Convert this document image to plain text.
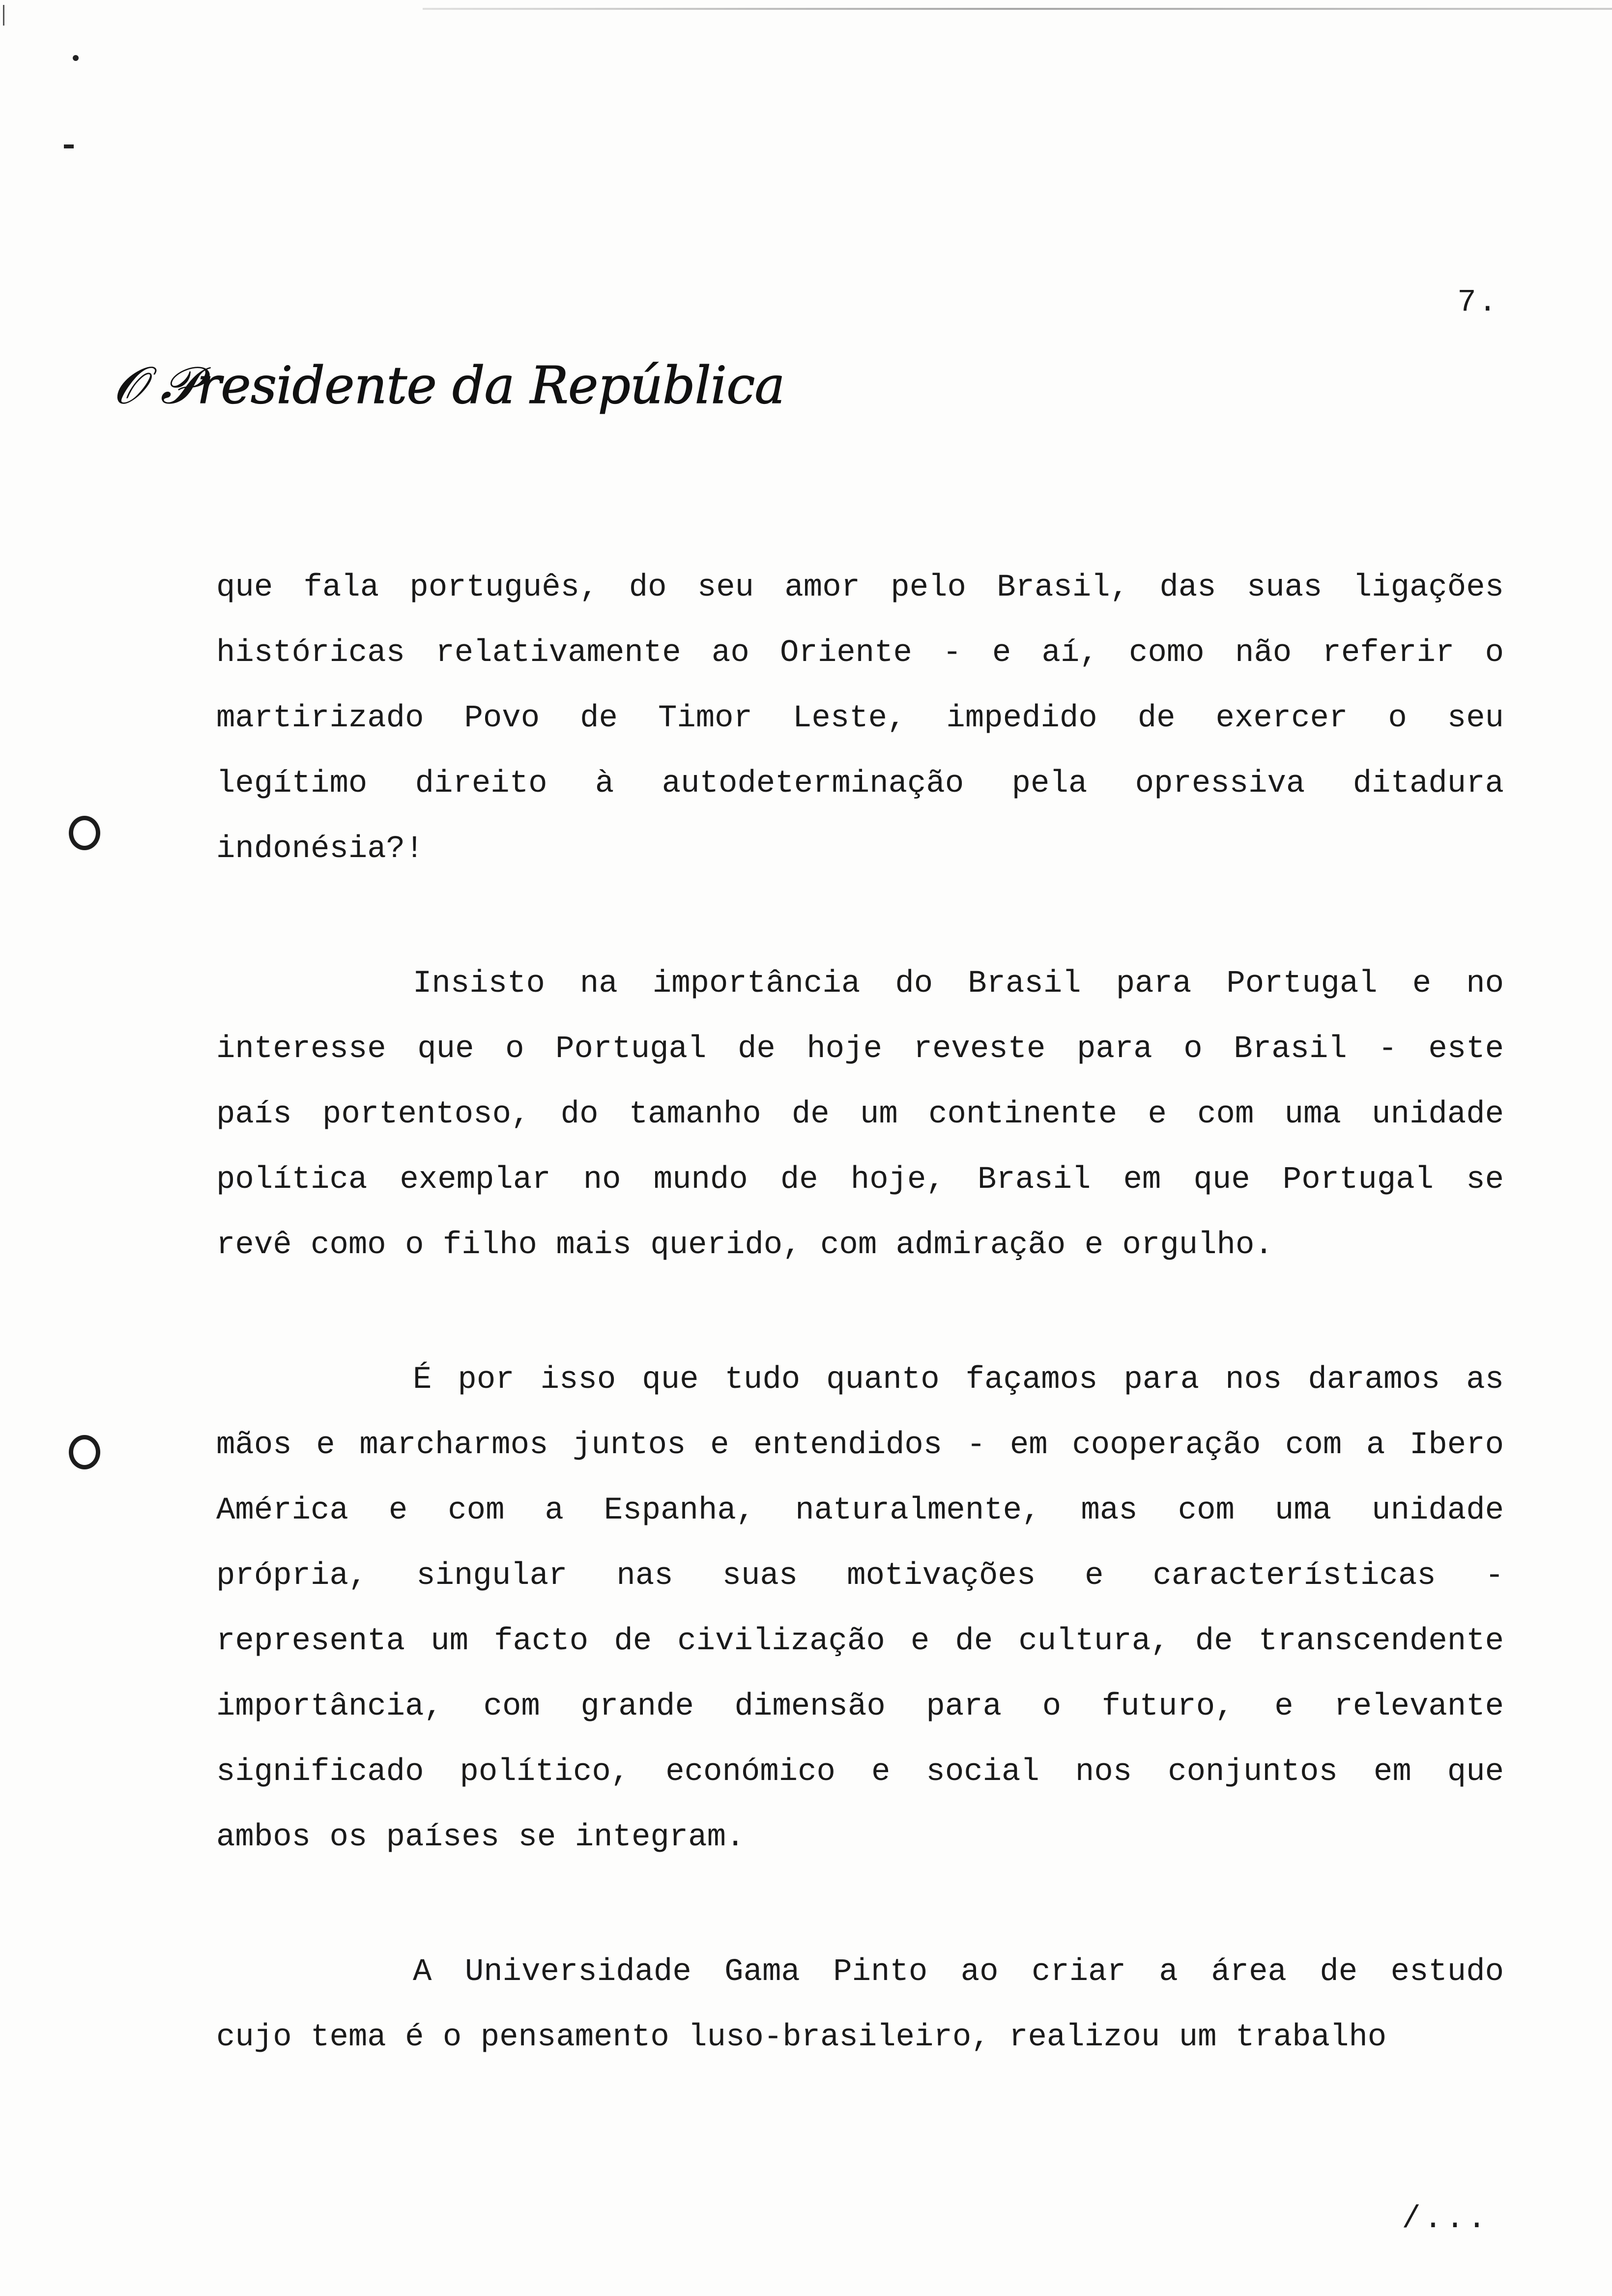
7.
𝒪 𝒫residente da 𝑅epública
que fala português, do seu amor pelo Brasil, das suas ligações
históricas relativamente ao Oriente - e aí, como não referir o
martirizado Povo de Timor Leste, impedido de exercer o seu
legítimo direito à autodeterminação pela opressiva ditadura
indonésia?!
Insisto na importância do Brasil para Portugal e no
interesse que o Portugal de hoje reveste para o Brasil - este
país portentoso, do tamanho de um continente e com uma unidade
política exemplar no mundo de hoje, Brasil em que Portugal se
revê como o filho mais querido, com admiração e orgulho.
É por isso que tudo quanto façamos para nos daramos as
mãos e marcharmos juntos e entendidos - em cooperação com a Ibero
América e com a Espanha, naturalmente, mas com uma unidade
própria, singular nas suas motivações e características -
representa um facto de civilização e de cultura, de transcendente
importância, com grande dimensão para o futuro, e relevante
significado político, económico e social nos conjuntos em que
ambos os países se integram.
A Universidade Gama Pinto ao criar a área de estudo
cujo tema é o pensamento luso-brasileiro, realizou um trabalho
/...
